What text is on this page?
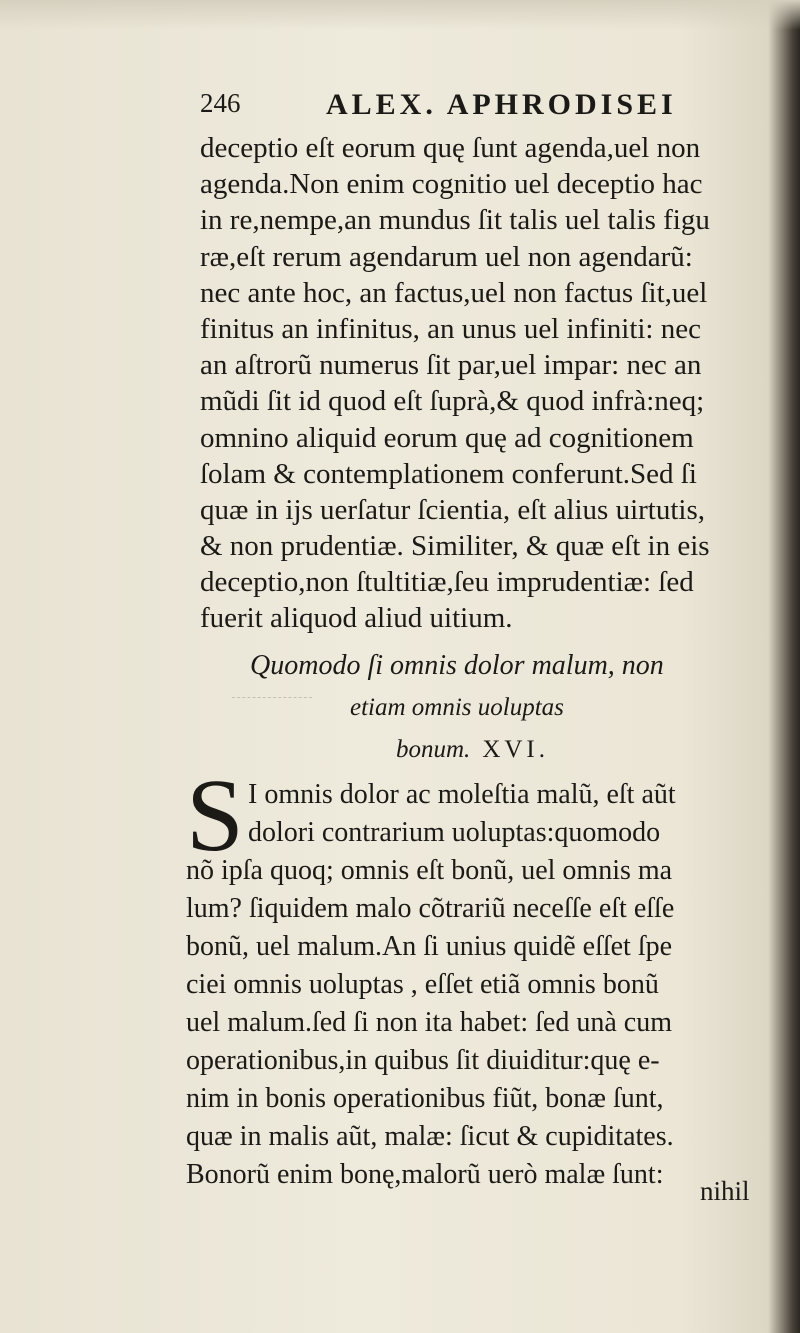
246	ALEX. APHRODISEI
deceptio eſt eorum quę ſunt agenda,uel non
agenda.Non enim cognitio uel deceptio hac
in re,nempe,an mundus ſit talis uel talis figu
ræ,eſt rerum agendarum uel non agendarũ:
nec ante hoc, an factus,uel non factus ſit,uel
finitus an infinitus, an unus uel infiniti: nec
an aſtrorũ numerus ſit par,uel impar: nec an
mũdi ſit id quod eſt ſuprà,& quod infrà:neq;
omnino aliquid eorum quę ad cognitionem
ſolam & contemplationem conferunt.Sed ſi
quæ in ijs uerſatur ſcientia, eſt alius uirtutis,
& non prudentiæ. Similiter, & quæ eſt in eis
deceptio,non ſtultitiæ,ſeu imprudentiæ: ſed
fuerit aliquod aliud uitium.
Quomodo ſi omnis dolor malum, non
etiam omnis uoluptas
bonum. XVI.
S I omnis dolor ac moleſtia malũ, eſt aũt
dolori contrarium uoluptas:quomodo
nõ ipſa quoq; omnis eſt bonũ, uel omnis ma
lum? ſiquidem malo cõtrariũ neceſſe eſt eſſe
bonũ, uel malum.An ſi unius quidẽ eſſet ſpe
ciei omnis uoluptas , eſſet etiã omnis bonũ
uel malum.ſed ſi non ita habet: ſed unà cum
operationibus,in quibus ſit diuiditur:quę e-
nim in bonis operationibus fiũt, bonæ ſunt,
quæ in malis aũt, malæ: ſicut & cupiditates.
Bonorũ enim bonę,malorũ uerò malæ ſunt:
nihil
